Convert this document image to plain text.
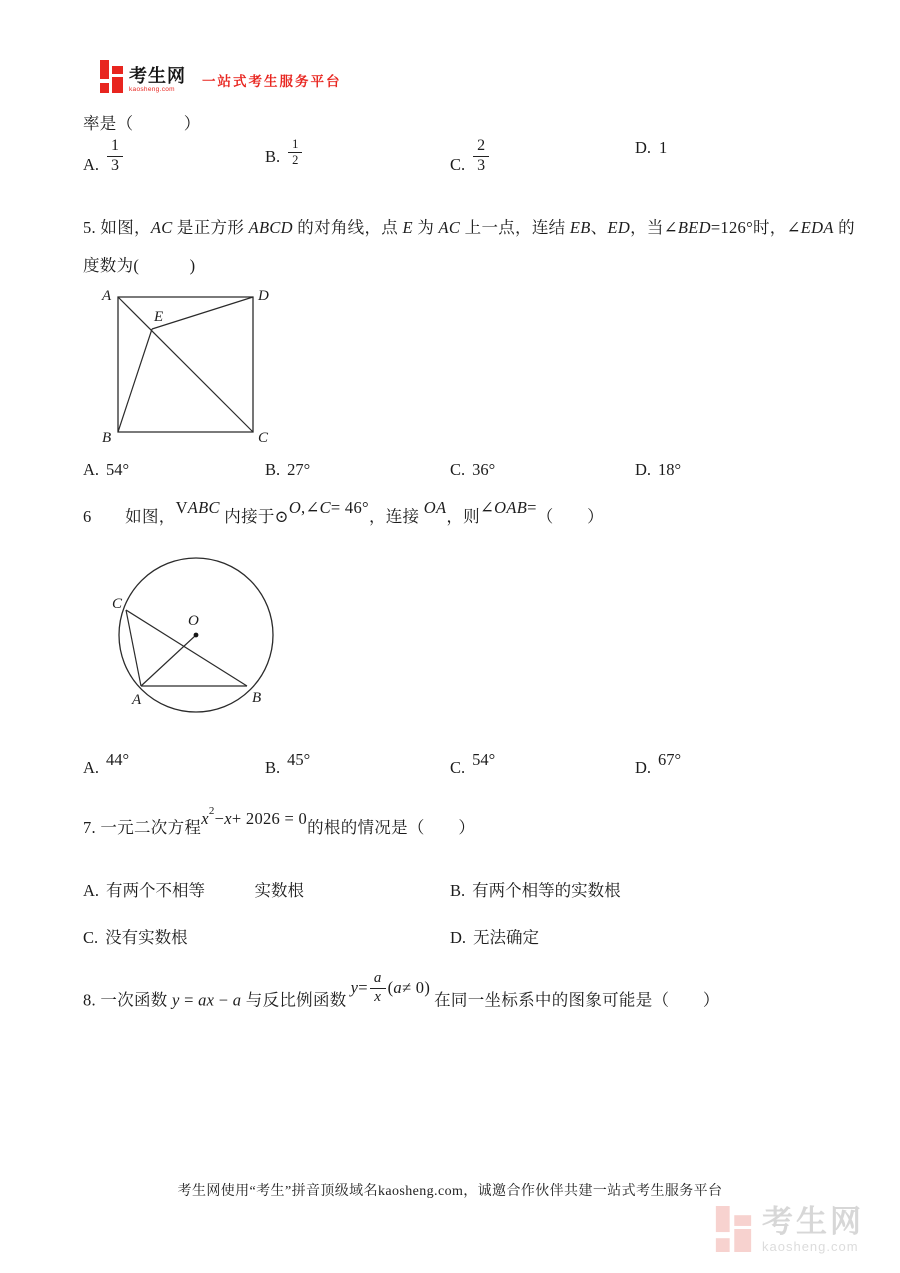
考生网
kaosheng.com	一站式考生服务平台
率是（　　　）
A. $\frac{1}{3}$	B. $\frac{1}{2}$	C. $\frac{2}{3}$	D. 1
5. 如图，AC 是正方形 ABCD 的对角线，点 E 为 AC 上一点，连结 EB、ED，当∠BED=126°时，∠EDA 的
度数为(　　　)
A	D
B	C
E
A. 54°	B. 27°	C. 36°	D. 18°
6　　如图，VABC 内接于⊙O,∠C= 46°，连接 OA，则∠OAB=（　　）
C
O
A	B
A. 44°	B. 45°	C. 54°	D. 67°
7. 一元二次方程x2−x+ 2026 = 0的根的情况是（　　）
A. 有两个不相等　　　实数根	B. 有两个相等的实数根
C. 没有实数根	D. 无法确定
8. 一次函数 y = ax − a 与反比例函数
$y = \frac{a}{x}$ ( a ≠ 0)
在同一坐标系中的图象可能是（　　）
考生网使用“考生”拼音顶级域名kaosheng.com，诚邀合作伙伴共建一站式考生服务平台
考生网
kaosheng.com
